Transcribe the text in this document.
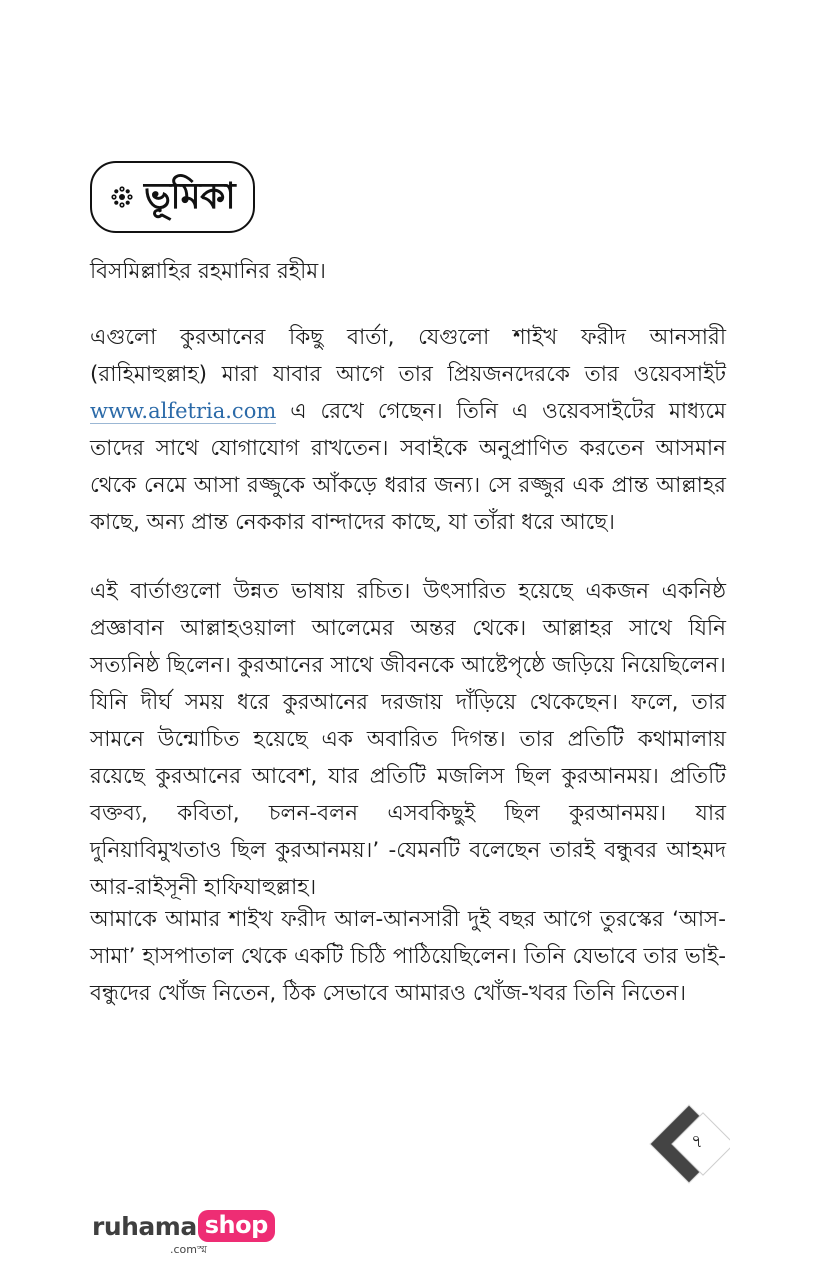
ভূমিকা

বিসমিল্লাহির রহমানির রহীম।

এগুলো কুরআনের কিছু বার্তা, যেগুলো শাইখ ফরীদ আনসারী (রাহিমাহুল্লাহ) মারা যাবার আগে তার প্রিয়জনদেরকে তার ওয়েবসাইট www.alfetria.com এ রেখে গেছেন। তিনি এ ওয়েবসাইটের মাধ্যমে তাদের সাথে যোগাযোগ রাখতেন। সবাইকে অনুপ্রাণিত করতেন আসমান থেকে নেমে আসা রজ্জুকে আঁকড়ে ধরার জন্য। সে রজ্জুর এক প্রান্ত আল্লাহর কাছে, অন্য প্রান্ত নেককার বান্দাদের কাছে, যা তাঁরা ধরে আছে।

এই বার্তাগুলো উন্নত ভাষায় রচিত। উৎসারিত হয়েছে একজন একনিষ্ঠ প্রজ্ঞাবান আল্লাহওয়ালা আলেমের অন্তর থেকে। আল্লাহর সাথে যিনি সত্যনিষ্ঠ ছিলেন। কুরআনের সাথে জীবনকে আষ্টেপৃষ্ঠে জড়িয়ে নিয়েছিলেন। যিনি দীর্ঘ সময় ধরে কুরআনের দরজায় দাঁড়িয়ে থেকেছেন। ফলে, তার সামনে উন্মোচিত হয়েছে এক অবারিত দিগন্ত। তার প্রতিটি কথামালায় রয়েছে কুরআনের আবেশ, যার প্রতিটি মজলিস ছিল কুরআনময়। প্রতিটি বক্তব্য, কবিতা, চলন-বলন এসবকিছুই ছিল কুরআনময়। যার দুনিয়াবিমুখতাও ছিল কুরআনময়।’ -যেমনটি বলেছেন তারই বন্ধুবর আহমদ আর-রাইসূনী হাফিযাহুল্লাহ।

আমাকে আমার শাইখ ফরীদ আল-আনসারী দুই বছর আগে তুরস্কের ‘আস-সামা’ হাসপাতাল থেকে একটি চিঠি পাঠিয়েছিলেন। তিনি যেভাবে তার ভাই-বন্ধুদের খোঁজ নিতেন, ঠিক সেভাবে আমারও খোঁজ-খবর তিনি নিতেন।

৭
ruhama shop
.comস্ম
